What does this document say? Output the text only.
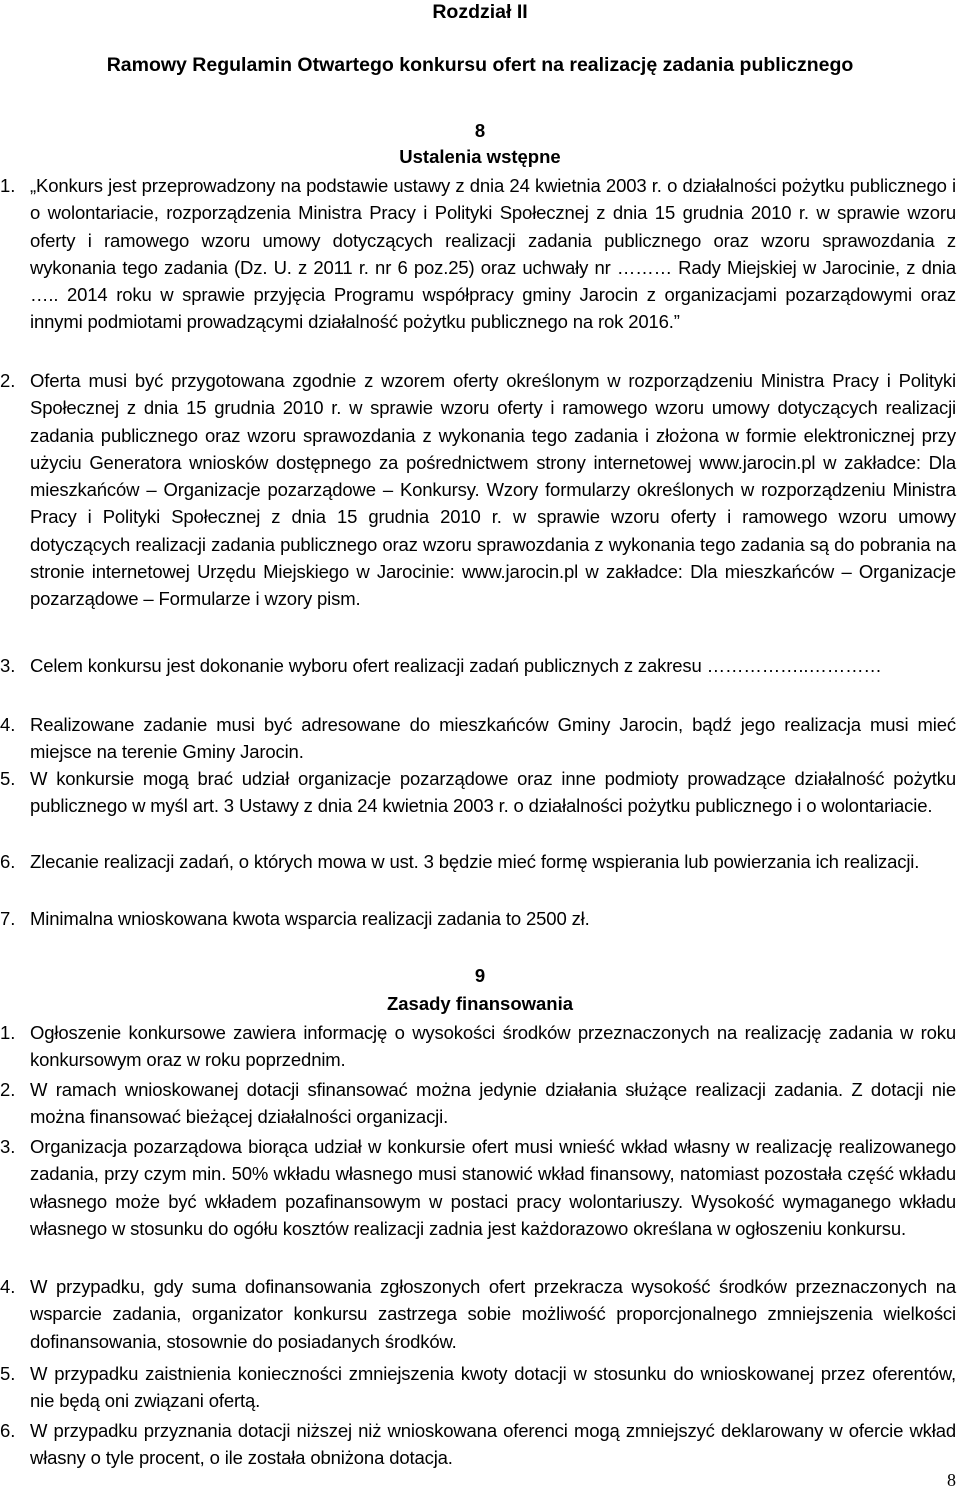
Rozdział II
Ramowy Regulamin Otwartego konkursu ofert na realizację zadania publicznego
8
Ustalenia wstępne
1. „Konkurs jest przeprowadzony na podstawie ustawy z dnia 24 kwietnia 2003 r. o działalności pożytku publicznego i o wolontariacie, rozporządzenia Ministra Pracy i Polityki Społecznej z dnia 15 grudnia 2010 r. w sprawie wzoru oferty i ramowego wzoru umowy dotyczących realizacji zadania publicznego oraz wzoru sprawozdania z wykonania tego zadania (Dz. U. z 2011 r. nr 6 poz.25) oraz uchwały nr ……… Rady Miejskiej w Jarocinie, z dnia ….. 2014 roku w sprawie przyjęcia Programu współpracy gminy Jarocin z organizacjami pozarządowymi oraz innymi podmiotami prowadzącymi działalność pożytku publicznego na rok 2016.”
2. Oferta musi być przygotowana zgodnie z wzorem oferty określonym w rozporządzeniu Ministra Pracy i Polityki Społecznej z dnia 15 grudnia 2010 r. w sprawie wzoru oferty i ramowego wzoru umowy dotyczących realizacji zadania publicznego oraz wzoru sprawozdania z wykonania tego zadania i złożona w formie elektronicznej przy użyciu Generatora wniosków dostępnego za pośrednictwem strony internetowej www.jarocin.pl w zakładce: Dla mieszkańców – Organizacje pozarządowe – Konkursy. Wzory formularzy określonych w rozporządzeniu Ministra Pracy i Polityki Społecznej z dnia 15 grudnia 2010 r. w sprawie wzoru oferty i ramowego wzoru umowy dotyczących realizacji zadania publicznego oraz wzoru sprawozdania z wykonania tego zadania są do pobrania na stronie internetowej Urzędu Miejskiego w Jarocinie: www.jarocin.pl w zakładce: Dla mieszkańców – Organizacje pozarządowe – Formularze i wzory pism.
3. Celem konkursu jest dokonanie wyboru ofert realizacji zadań publicznych z zakresu ……………..…………
4. Realizowane zadanie musi być adresowane do mieszkańców Gminy Jarocin, bądź jego realizacja musi mieć miejsce na terenie Gminy Jarocin.
5. W konkursie mogą brać udział organizacje pozarządowe oraz inne podmioty prowadzące działalność pożytku publicznego w myśl art. 3 Ustawy z dnia 24 kwietnia 2003 r. o działalności pożytku publicznego i o wolontariacie.
6. Zlecanie realizacji zadań, o których mowa w ust. 3 będzie mieć formę wspierania lub powierzania ich realizacji.
7. Minimalna wnioskowana kwota wsparcia realizacji zadania to 2500 zł.
9
Zasady finansowania
1. Ogłoszenie konkursowe zawiera informację o wysokości środków przeznaczonych na realizację zadania w roku konkursowym oraz w roku poprzednim.
2. W ramach wnioskowanej dotacji sfinansować można jedynie działania służące realizacji zadania. Z dotacji nie można finansować bieżącej działalności organizacji.
3. Organizacja pozarządowa biorąca udział w konkursie ofert musi wnieść wkład własny w realizację realizowanego zadania, przy czym min. 50% wkładu własnego musi stanowić wkład finansowy, natomiast pozostała część wkładu własnego może być wkładem pozafinansowym w postaci pracy wolontariuszy. Wysokość wymaganego wkładu własnego w stosunku do ogółu kosztów realizacji zadnia jest każdorazowo określana w ogłoszeniu konkursu.
4. W przypadku, gdy suma dofinansowania zgłoszonych ofert przekracza wysokość środków przeznaczonych na wsparcie zadania, organizator konkursu zastrzega sobie możliwość proporcjonalnego zmniejszenia wielkości dofinansowania, stosownie do posiadanych środków.
5. W przypadku zaistnienia konieczności zmniejszenia kwoty dotacji w stosunku do wnioskowanej przez oferentów, nie będą oni związani ofertą.
6. W przypadku przyznania dotacji niższej niż wnioskowana oferenci mogą zmniejszyć deklarowany w ofercie wkład własny o tyle procent, o ile została obniżona dotacja.
8
